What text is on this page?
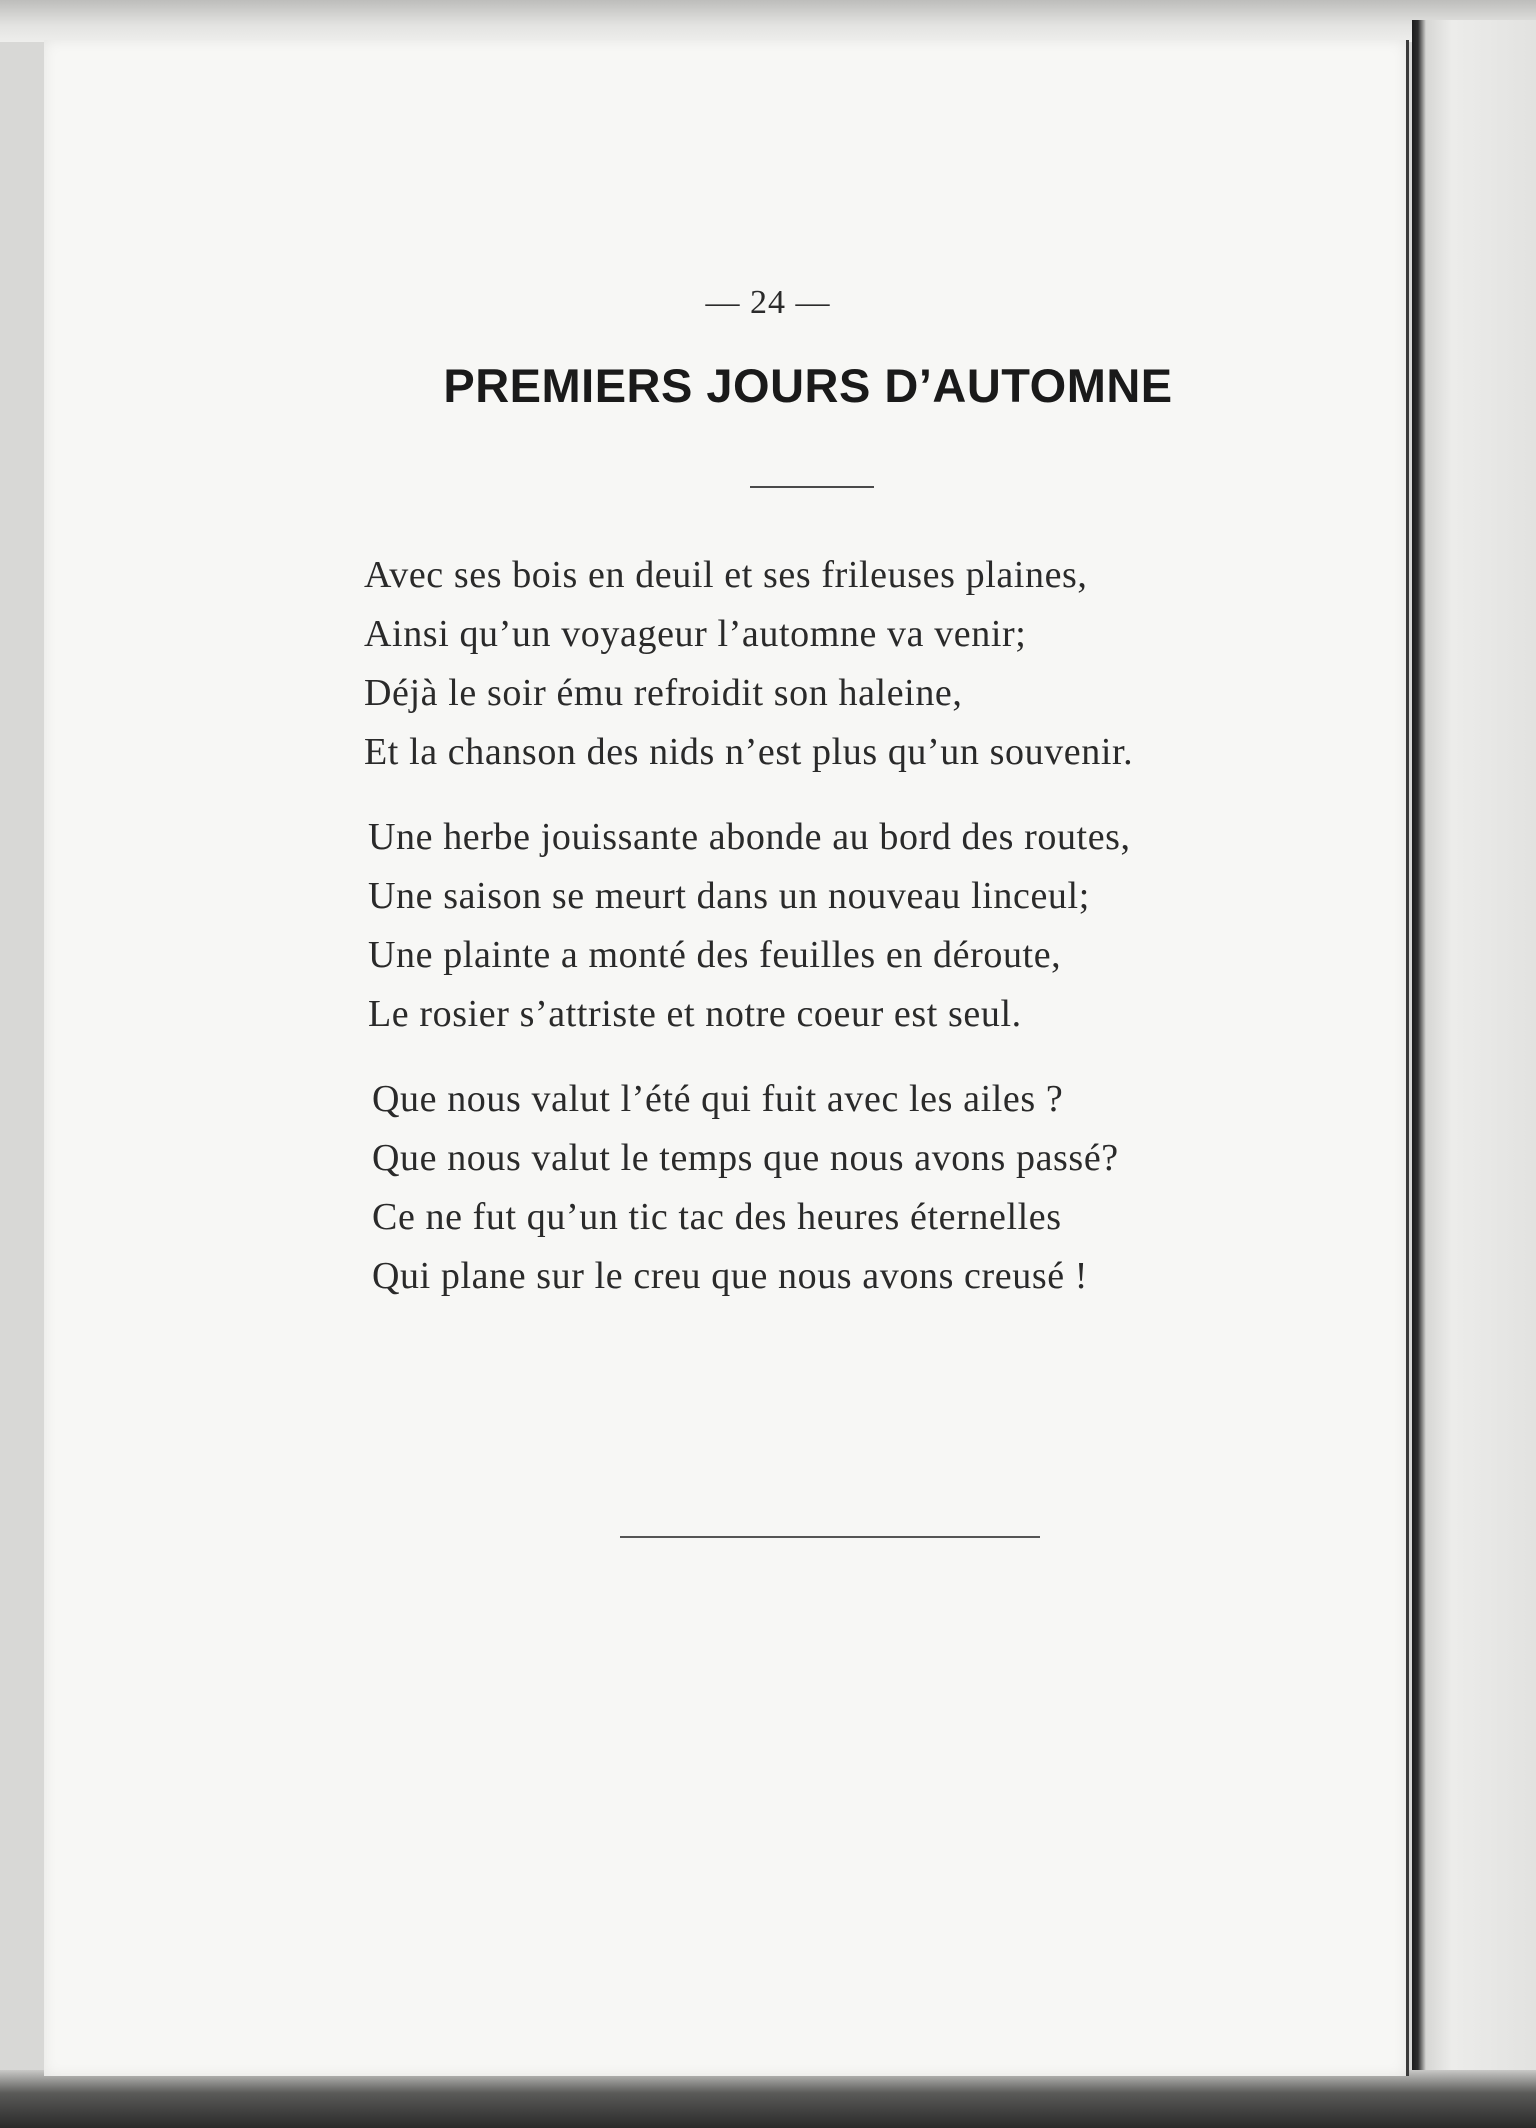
— 24 —
PREMIERS JOURS D’AUTOMNE
Avec ses bois en deuil et ses frileuses plaines,
Ainsi qu’un voyageur l’automne va venir;
Déjà le soir ému refroidit son haleine,
Et la chanson des nids n’est plus qu’un souvenir.
Une herbe jouissante abonde au bord des routes,
Une saison se meurt dans un nouveau linceul;
Une plainte a monté des feuilles en déroute,
Le rosier s’attriste et notre coeur est seul.
Que nous valut l’été qui fuit avec les ailes ?
Que nous valut le temps que nous avons passé?
Ce ne fut qu’un tic tac des heures éternelles
Qui plane sur le creu que nous avons creusé !
